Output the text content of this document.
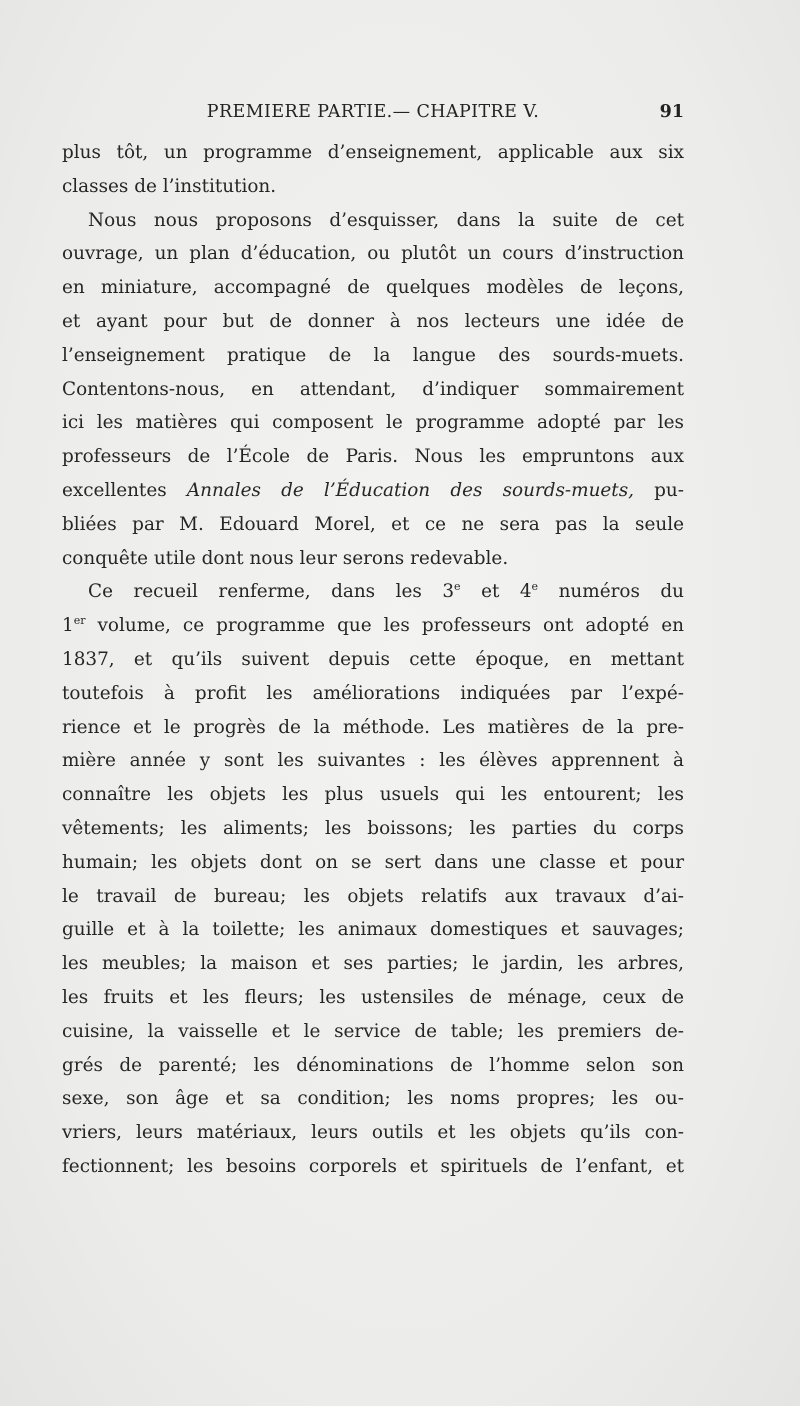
PREMIERE PARTIE.— CHAPITRE V.	91
plus tôt, un programme d’enseignement, applicable aux six
classes de l’institution.
Nous nous proposons d’esquisser, dans la suite de cet
ouvrage, un plan d’éducation, ou plutôt un cours d’instruction
en miniature, accompagné de quelques modèles de leçons,
et ayant pour but de donner à nos lecteurs une idée de
l’enseignement pratique de la langue des sourds-muets.
Contentons-nous, en attendant, d’indiquer sommairement
ici les matières qui composent le programme adopté par les
professeurs de l’École de Paris. Nous les empruntons aux
excellentes Annales de l’Éducation des sourds-muets, pu-
bliées par M. Edouard Morel, et ce ne sera pas la seule
conquête utile dont nous leur serons redevable.
Ce recueil renferme, dans les 3e et 4e numéros du
1er volume, ce programme que les professeurs ont adopté en
1837, et qu’ils suivent depuis cette époque, en mettant
toutefois à profit les améliorations indiquées par l’expé-
rience et le progrès de la méthode. Les matières de la pre-
mière année y sont les suivantes : les élèves apprennent à
connaître les objets les plus usuels qui les entourent; les
vêtements; les aliments; les boissons; les parties du corps
humain; les objets dont on se sert dans une classe et pour
le travail de bureau; les objets relatifs aux travaux d’ai-
guille et à la toilette; les animaux domestiques et sauvages;
les meubles; la maison et ses parties; le jardin, les arbres,
les fruits et les fleurs; les ustensiles de ménage, ceux de
cuisine, la vaisselle et le service de table; les premiers de-
grés de parenté; les dénominations de l’homme selon son
sexe, son âge et sa condition; les noms propres; les ou-
vriers, leurs matériaux, leurs outils et les objets qu’ils con-
fectionnent; les besoins corporels et spirituels de l’enfant, et
